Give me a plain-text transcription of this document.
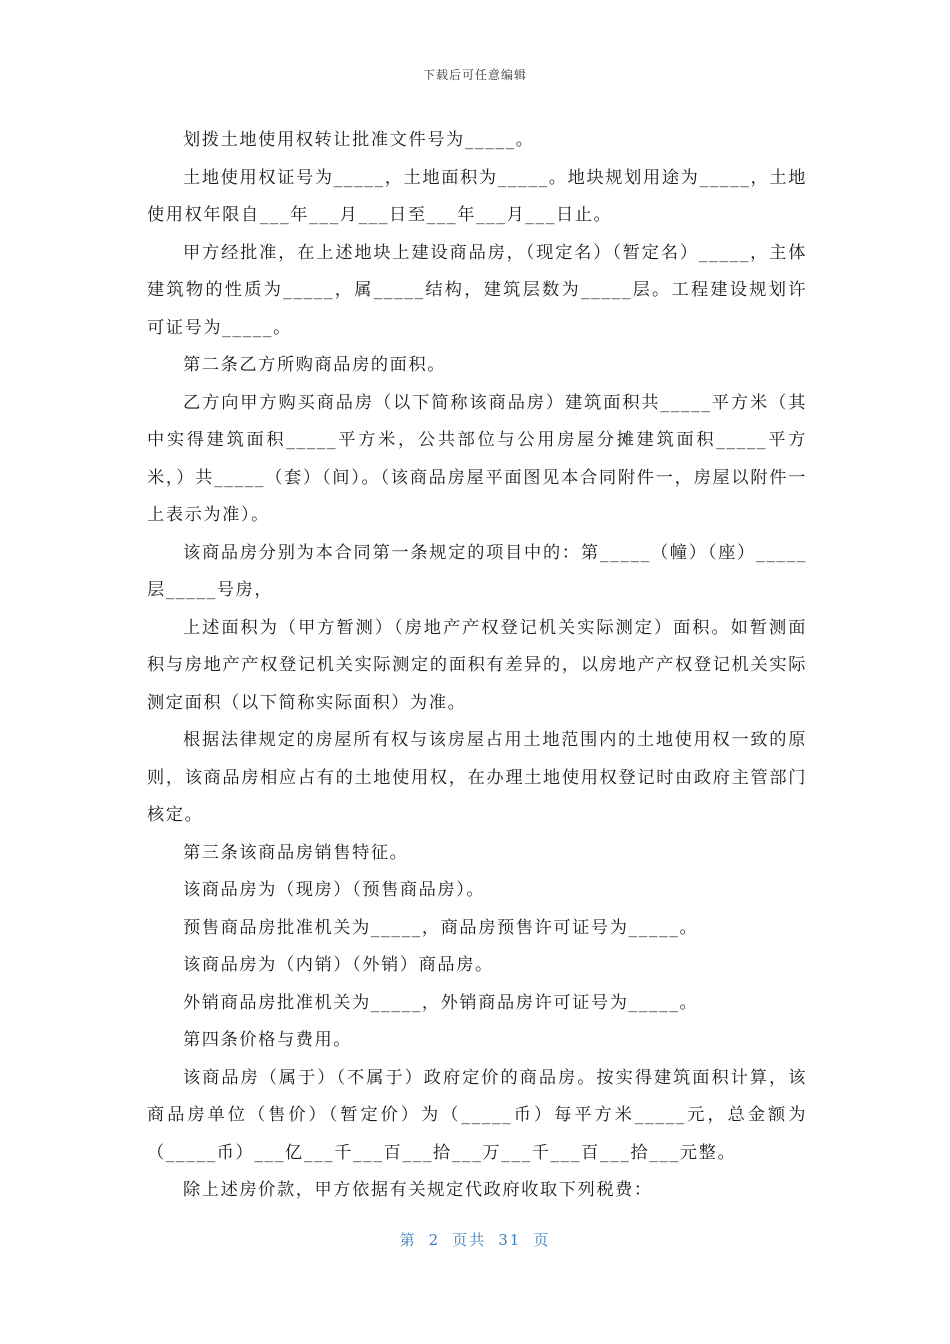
下载后可任意编辑

划拨土地使用权转让批准文件号为_____。

土地使用权证号为_____，土地面积为_____。地块规划用途为_____，土地使用权年限自___年___月___日至___年___月___日止。

甲方经批准，在上述地块上建设商品房，（现定名）（暂定名）_____，主体建筑物的性质为_____，属_____结构，建筑层数为_____层。工程建设规划许可证号为_____。

第二条乙方所购商品房的面积。

乙方向甲方购买商品房（以下简称该商品房）建筑面积共_____平方米（其中实得建筑面积_____平方米，公共部位与公用房屋分摊建筑面积_____平方米，）共_____（套）（间）。（该商品房屋平面图见本合同附件一，房屋以附件一上表示为准）。

该商品房分别为本合同第一条规定的项目中的：第_____（幢）（座）_____层_____号房，

上述面积为（甲方暂测）（房地产产权登记机关实际测定）面积。如暂测面积与房地产产权登记机关实际测定的面积有差异的，以房地产产权登记机关实际测定面积（以下简称实际面积）为准。

根据法律规定的房屋所有权与该房屋占用土地范围内的土地使用权一致的原则，该商品房相应占有的土地使用权，在办理土地使用权登记时由政府主管部门核定。

第三条该商品房销售特征。

该商品房为（现房）（预售商品房）。

预售商品房批准机关为_____，商品房预售许可证号为_____。

该商品房为（内销）（外销）商品房。

外销商品房批准机关为_____，外销商品房许可证号为_____。

第四条价格与费用。

该商品房（属于）（不属于）政府定价的商品房。按实得建筑面积计算，该商品房单位（售价）（暂定价）为（_____币）每平方米_____元，总金额为（_____币）___亿___千___百___拾___万___千___百___拾___元整。

除上述房价款，甲方依据有关规定代政府收取下列税费：

第 2 页共 31 页
